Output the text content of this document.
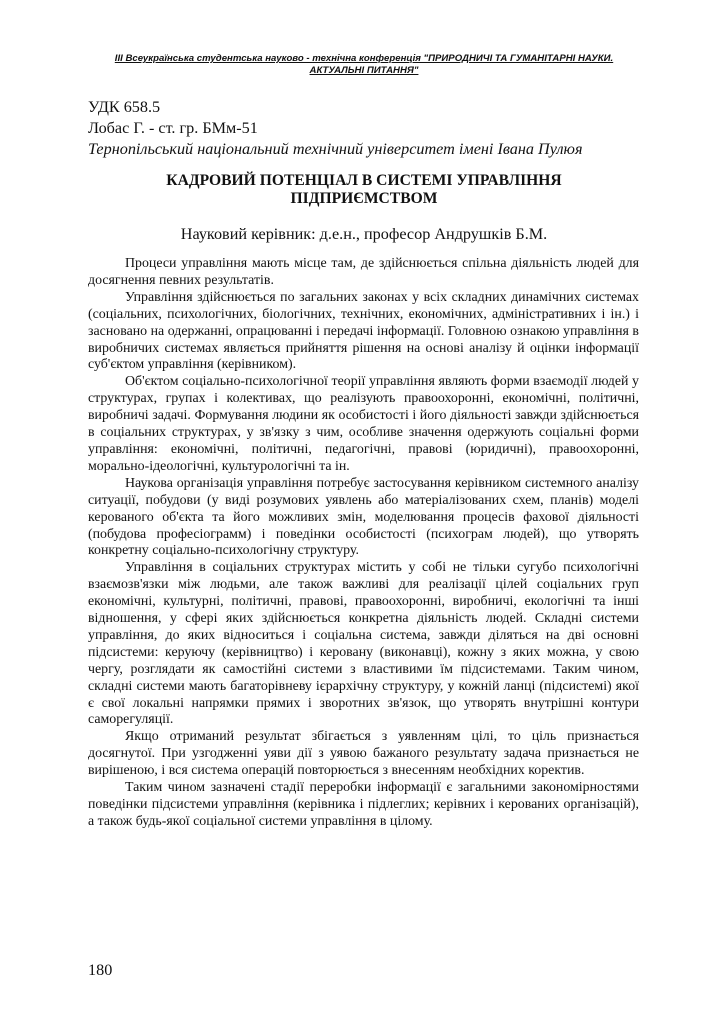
ІІІ Всеукраїнська студентська науково - технічна конференція "ПРИРОДНИЧІ ТА ГУМАНІТАРНІ НАУКИ.
АКТУАЛЬНІ ПИТАННЯ"
УДК 658.5
Лобас Г. - ст. гр. БМм-51
Тернопільський національний технічний університет імені Івана Пулюя
КАДРОВИЙ ПОТЕНЦІАЛ В СИСТЕМІ УПРАВЛІННЯ
ПІДПРИЄМСТВОМ
Науковий керівник: д.е.н., професор Андрушків Б.М.

Процеси управління мають місце там, де здійснюється спільна діяльність людей для досягнення певних результатів.

Управління здійснюється по загальних законах у всіх складних динамічних системах (соціальних, психологічних, біологічних, технічних, економічних, адміністративних і ін.) і засновано на одержанні, опрацюванні і передачі інформації. Головною ознакою управління в виробничих системах являється прийняття рішення на основі аналізу й оцінки інформації суб'єктом управління (керівником).

Об'єктом соціально-психологічної теорії управління являють форми взаємодії людей у структурах, групах і колективах, що реалізують правоохоронні, економічні, політичні, виробничі задачі. Формування людини як особистості і його діяльності завжди здійснюється в соціальних структурах, у зв'язку з чим, особливе значення одержують соціальні форми управління: економічні, політичні, педагогічні, правові (юридичні), правоохоронні, морально-ідеологічні, культурологічні та ін.

Наукова організація управління потребує застосування керівником системного аналізу ситуації, побудови (у виді розумових уявлень або матеріалізованих схем, планів) моделі керованого об'єкта та його можливих змін, моделювання процесів фахової діяльності (побудова професіограмм) і поведінки особистості (психограм людей), що утворять конкретну соціально-психологічну структуру.

Управління в соціальних структурах містить у собі не тільки сугубо психологічні взаємозв'язки між людьми, але також важливі для реалізації цілей соціальних груп економічні, культурні, політичні, правові, правоохоронні, виробничі, екологічні та інші відношення, у сфері яких здійснюється конкретна діяльність людей. Складні системи управління, до яких відноситься і соціальна система, завжди діляться на дві основні підсистеми: керуючу (керівництво) і керовану (виконавці), кожну з яких можна, у свою чергу, розглядати як самостійні системи з властивими їм підсистемами. Таким чином, складні системи мають багаторівневу ієрархічну структуру, у кожній ланці (підсистемі) якої є свої локальні напрямки прямих і зворотних зв'язок, що утворять внутрішні контури саморегуляції.

Якщо отриманий результат збігається з уявленням цілі, то ціль признається досягнутої. При узгодженні уяви дії з уявою бажаного результату задача признається не вирішеною, і вся система операцій повторюється з внесенням необхідних коректив.

Таким чином зазначені стадії переробки інформації є загальними закономірностями поведінки підсистеми управління (керівника і підлеглих; керівних і керованих організацій), а також будь-якої соціальної системи управління в цілому.

180
